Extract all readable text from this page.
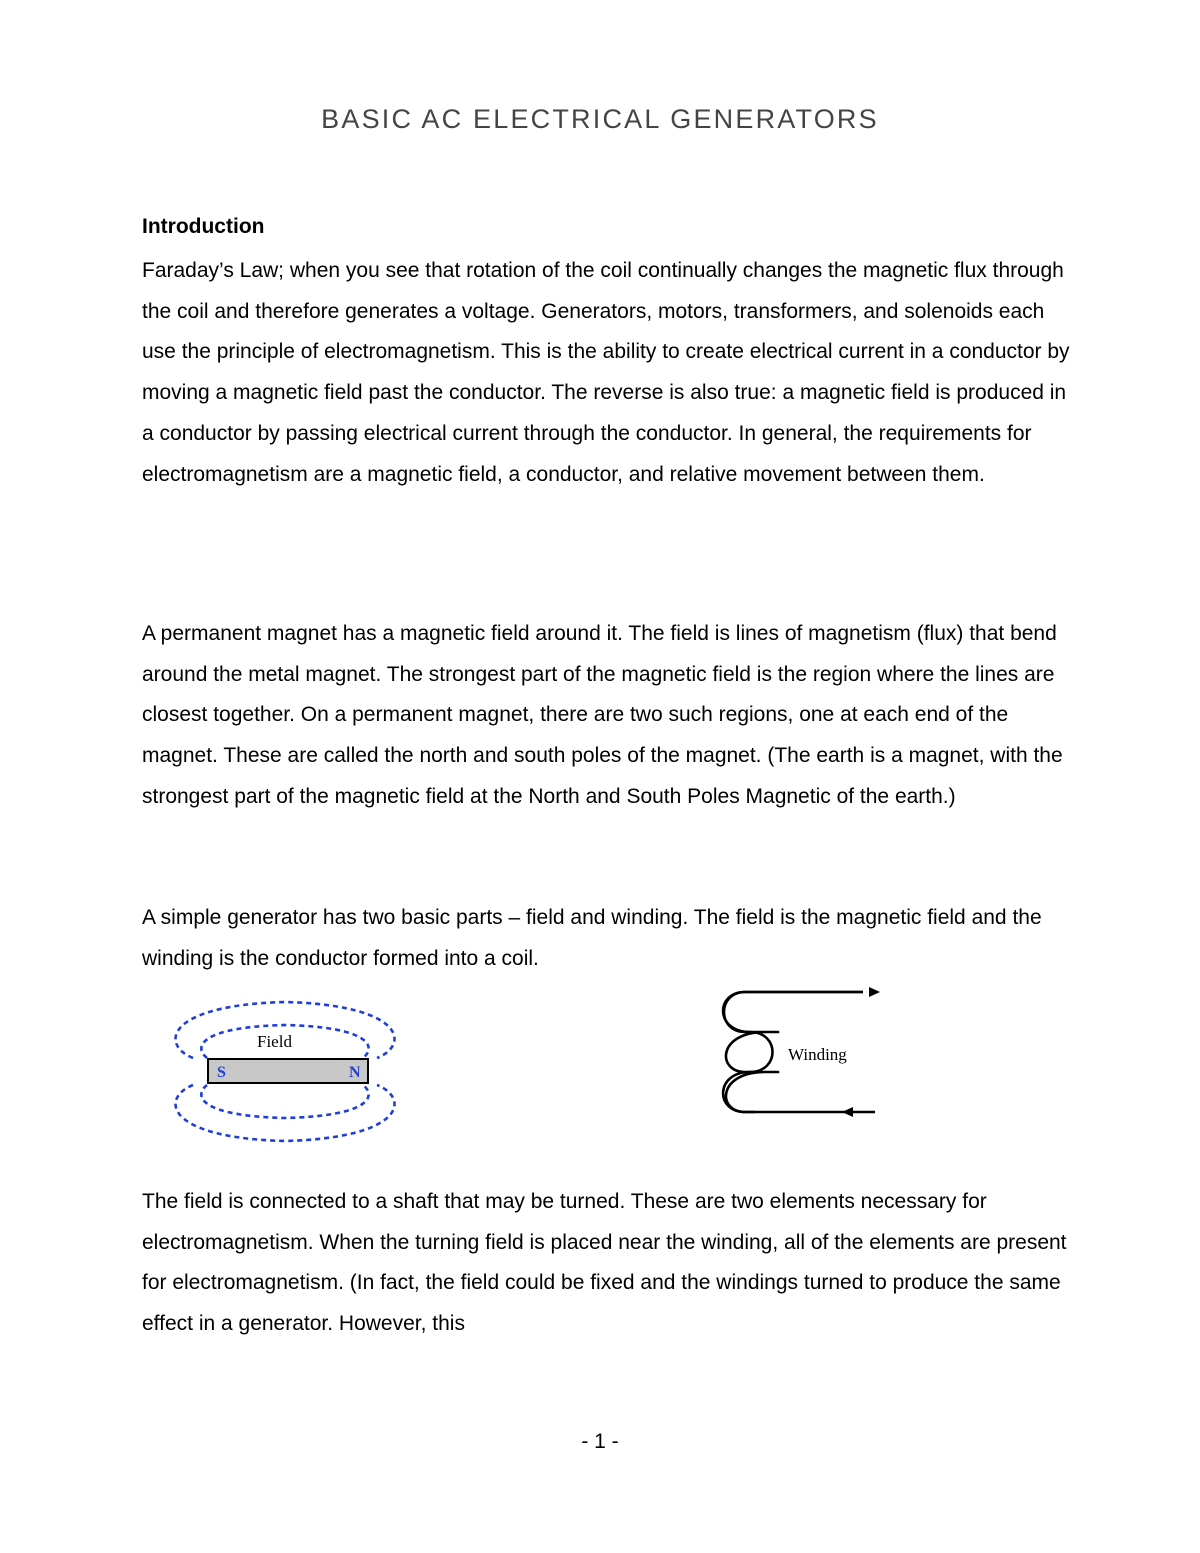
BASIC AC ELECTRICAL GENERATORS
Introduction

Faraday’s Law; when you see that rotation of the coil continually changes the magnetic flux through the coil and therefore generates a voltage. Generators, motors, transformers, and solenoids each use the principle of electromagnetism. This is the ability to create electrical current in a conductor by moving a magnetic field past the conductor. The reverse is also true: a magnetic field is produced in a conductor by passing electrical current through the conductor. In general, the requirements for electromagnetism are a magnetic field, a conductor, and relative movement between them.

A permanent magnet has a magnetic field around it. The field is lines of magnetism (flux) that bend around the metal magnet. The strongest part of the magnetic field is the region where the lines are closest together. On a permanent magnet, there are two such regions, one at each end of the magnet. These are called the north and south poles of the magnet. (The earth is a magnet, with the strongest part of the magnetic field at the North and South Poles Magnetic of the earth.)

A simple generator has two basic parts – field and winding. The field is the magnetic field and the winding is the conductor formed into a coil.

S	N
Field
Winding

The field is connected to a shaft that may be turned. These are two elements necessary for electromagnetism. When the turning field is placed near the winding, all of the elements are present for electromagnetism. (In fact, the field could be fixed and the windings turned to produce the same effect in a generator. However, this

- 1 -
